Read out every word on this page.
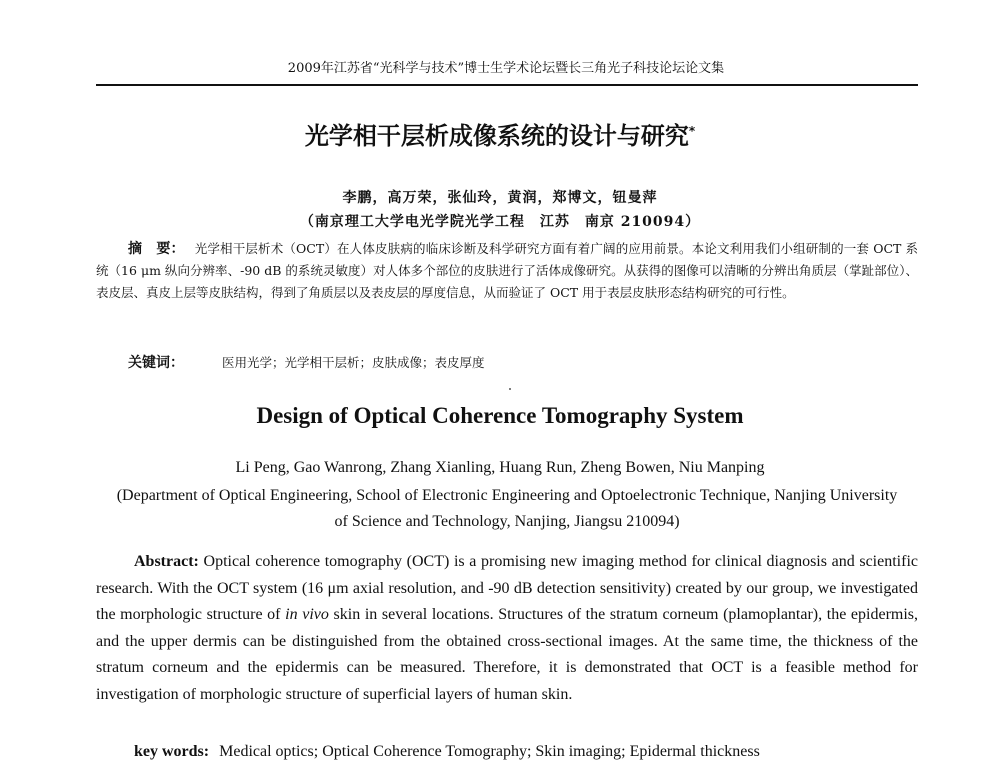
2009年江苏省“光科学与技术”博士生学术论坛暨长三角光子科技论坛论文集
光学相干层析成像系统的设计与研究*
李鹏，高万荣，张仙玲，黄润，郑博文，钮曼萍
（南京理工大学电光学院光学工程　江苏　南京 210094）
摘　要： 光学相干层析术（OCT）在人体皮肤病的临床诊断及科学研究方面有着广阔的应用前景。本论文利用我们小组研制的一套 OCT 系统（16 μm 纵向分辨率、-90 dB 的系统灵敏度）对人体多个部位的皮肤进行了活体成像研究。从获得的图像可以清晰的分辨出角质层（掌趾部位）、表皮层、真皮上层等皮肤结构，得到了角质层以及表皮层的厚度信息，从而验证了 OCT 用于表层皮肤形态结构研究的可行性。
关键词：	医用光学；光学相干层析；皮肤成像；表皮厚度
Design of Optical Coherence Tomography System
Li Peng, Gao Wanrong, Zhang Xianling, Huang Run, Zheng Bowen, Niu Manping
(Department of Optical Engineering, School of Electronic Engineering and Optoelectronic Technique, Nanjing University of Science and Technology, Nanjing, Jiangsu 210094)
Abstract: Optical coherence tomography (OCT) is a promising new imaging method for clinical diagnosis and scientific research. With the OCT system (16 μm axial resolution, and -90 dB detection sensitivity) created by our group, we investigated the morphologic structure of in vivo skin in several locations. Structures of the stratum corneum (plamoplantar), the epidermis, and the upper dermis can be distinguished from the obtained cross-sectional images. At the same time, the thickness of the stratum corneum and the epidermis can be measured. Therefore, it is demonstrated that OCT is a feasible method for investigation of morphologic structure of superficial layers of human skin.
key words: Medical optics; Optical Coherence Tomography; Skin imaging; Epidermal thickness
